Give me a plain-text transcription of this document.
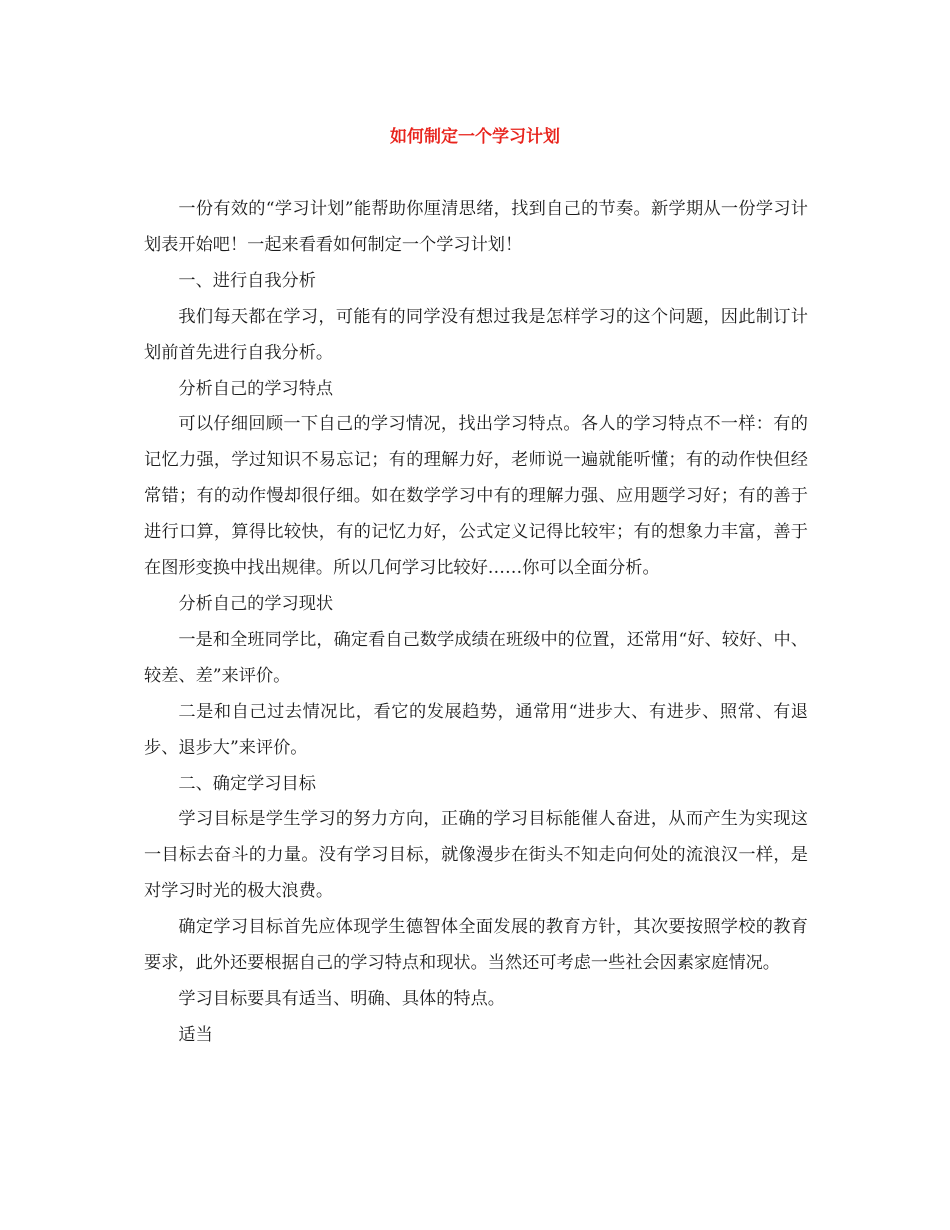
如何制定一个学习计划

一份有效的“学习计划”能帮助你厘清思绪，找到自己的节奏。新学期从一份学习计划表开始吧！一起来看看如何制定一个学习计划！

一、进行自我分析

我们每天都在学习，可能有的同学没有想过我是怎样学习的这个问题，因此制订计划前首先进行自我分析。

分析自己的学习特点

可以仔细回顾一下自己的学习情况，找出学习特点。各人的学习特点不一样：有的记忆力强，学过知识不易忘记；有的理解力好，老师说一遍就能听懂；有的动作快但经常错；有的动作慢却很仔细。如在数学学习中有的理解力强、应用题学习好；有的善于进行口算，算得比较快，有的记忆力好，公式定义记得比较牢；有的想象力丰富，善于在图形变换中找出规律。所以几何学习比较好……你可以全面分析。

分析自己的学习现状

一是和全班同学比，确定看自己数学成绩在班级中的位置，还常用“好、较好、中、较差、差”来评价。

二是和自己过去情况比，看它的发展趋势，通常用“进步大、有进步、照常、有退步、退步大”来评价。

二、确定学习目标

学习目标是学生学习的努力方向，正确的学习目标能催人奋进，从而产生为实现这一目标去奋斗的力量。没有学习目标，就像漫步在街头不知走向何处的流浪汉一样，是对学习时光的极大浪费。

确定学习目标首先应体现学生德智体全面发展的教育方针，其次要按照学校的教育要求，此外还要根据自己的学习特点和现状。当然还可考虑一些社会因素家庭情况。

学习目标要具有适当、明确、具体的特点。

适当
